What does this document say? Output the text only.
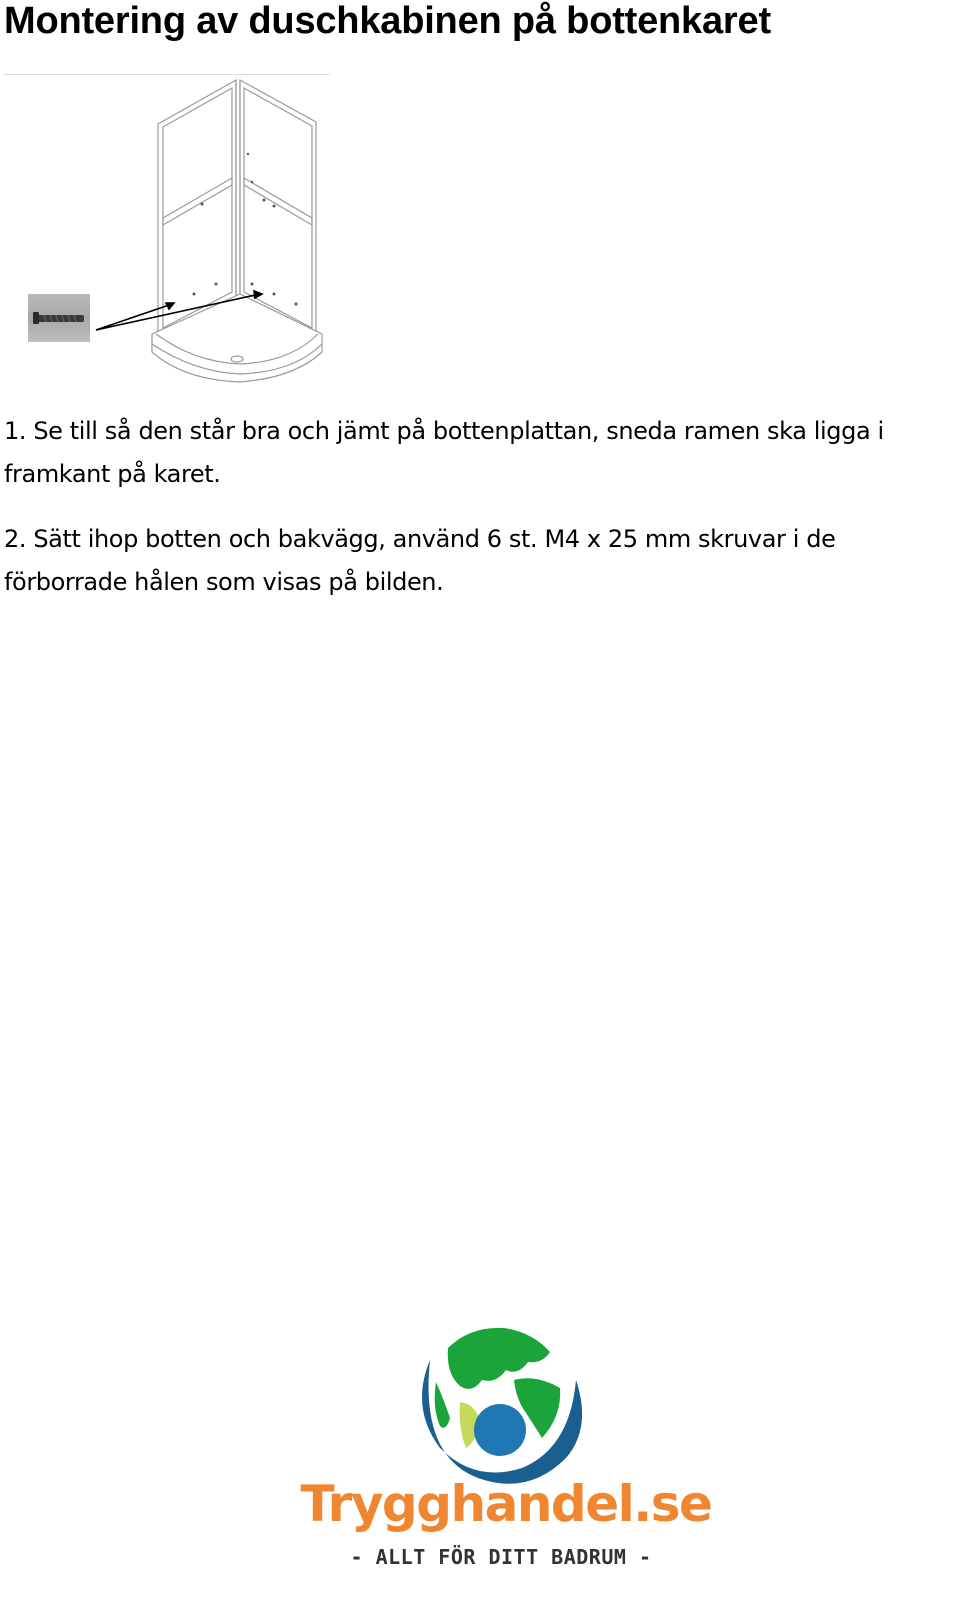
Montering av duschkabinen på bottenkaret

1. Se till så den står bra och jämt på bottenplattan, sneda ramen ska ligga i framkant på karet.

2. Sätt ihop botten och bakvägg, använd 6 st. M4 x 25 mm skruvar i de förborrade hålen som visas på bilden.

Trygghandel.se
- ALLT FÖR DITT BADRUM -
